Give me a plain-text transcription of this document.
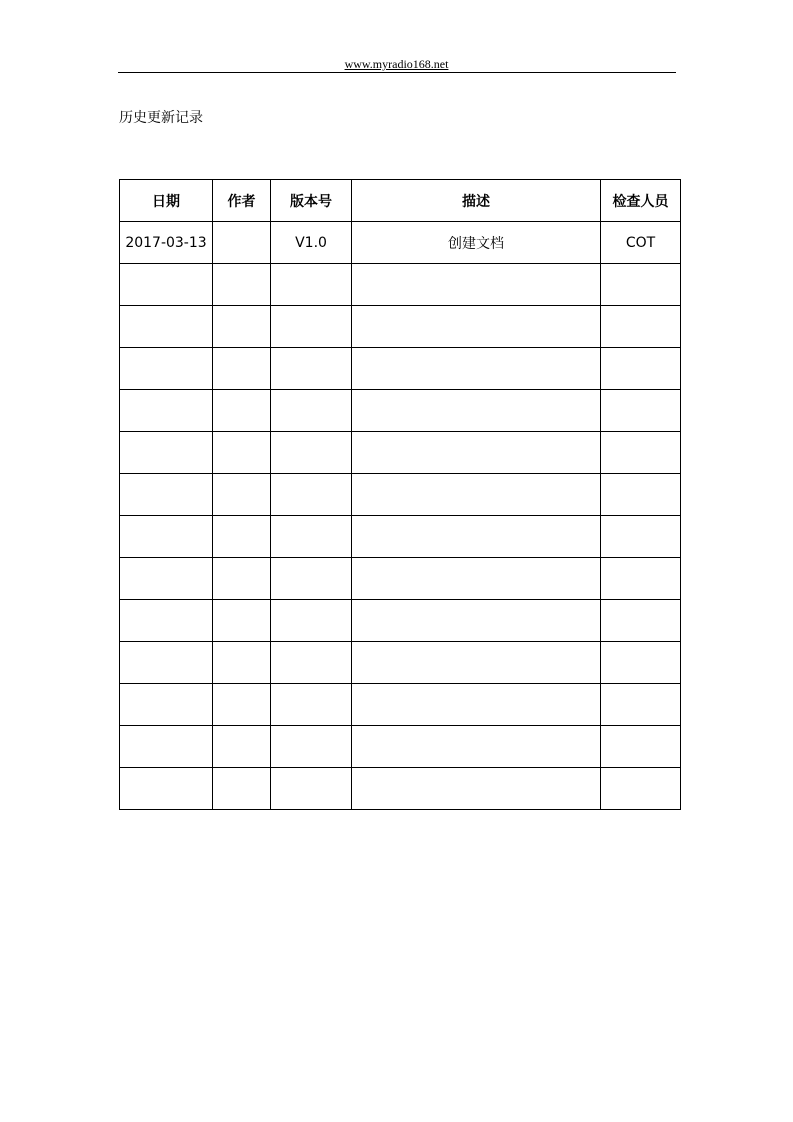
www.myradio168.net
历史更新记录
日期	作者	版本号	描述	检查人员
2017-03-13		V1.0	创建文档	COT
